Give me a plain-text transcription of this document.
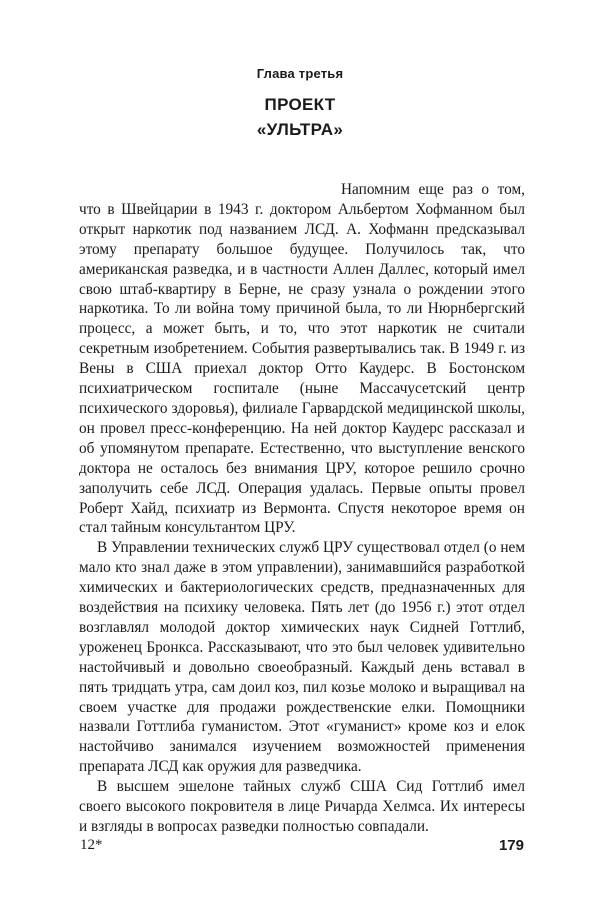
Глава третья
ПРОЕКТ
«УЛЬТРА»

Напомним еще раз о том, что в Швейцарии в 1943 г. доктором Альбертом Хофманном был открыт наркотик под названием ЛСД. А. Хофманн предсказывал этому препарату большое будущее. Получилось так, что американская разведка, и в частности Аллен Даллес, который имел свою штаб-квартиру в Берне, не сразу узнала о рождении этого наркотика. То ли война тому причиной была, то ли Нюрнбергский процесс, а может быть, и то, что этот наркотик не считали секретным изобретением. События развертывались так. В 1949 г. из Вены в США приехал доктор Отто Каудерс. В Бостонском психиатрическом госпитале (ныне Массачусетский центр психического здоровья), филиале Гарвардской медицинской школы, он провел пресс-конференцию. На ней доктор Каудерс рассказал и об упомянутом препарате. Естественно, что выступление венского доктора не осталось без внимания ЦРУ, которое решило срочно заполучить себе ЛСД. Операция удалась. Первые опыты провел Роберт Хайд, психиатр из Вермонта. Спустя некоторое время он стал тайным консультантом ЦРУ.

В Управлении технических служб ЦРУ существовал отдел (о нем мало кто знал даже в этом управлении), занимавшийся разработкой химических и бактериологических средств, предназначенных для воздействия на психику человека. Пять лет (до 1956 г.) этот отдел возглавлял молодой доктор химических наук Сидней Готтлиб, уроженец Бронкса. Рассказывают, что это был человек удивительно настойчивый и довольно своеобразный. Каждый день вставал в пять тридцать утра, сам доил коз, пил козье молоко и выращивал на своем участке для продажи рождественские елки. Помощники назвали Готтлиба гуманистом. Этот «гуманист» кроме коз и елок настойчиво занимался изучением возможностей применения препарата ЛСД как оружия для разведчика.

В высшем эшелоне тайных служб США Сид Готтлиб имел своего высокого покровителя в лице Ричарда Хелмса. Их интересы и взгляды в вопросах разведки полностью совпадали.

12*	179
